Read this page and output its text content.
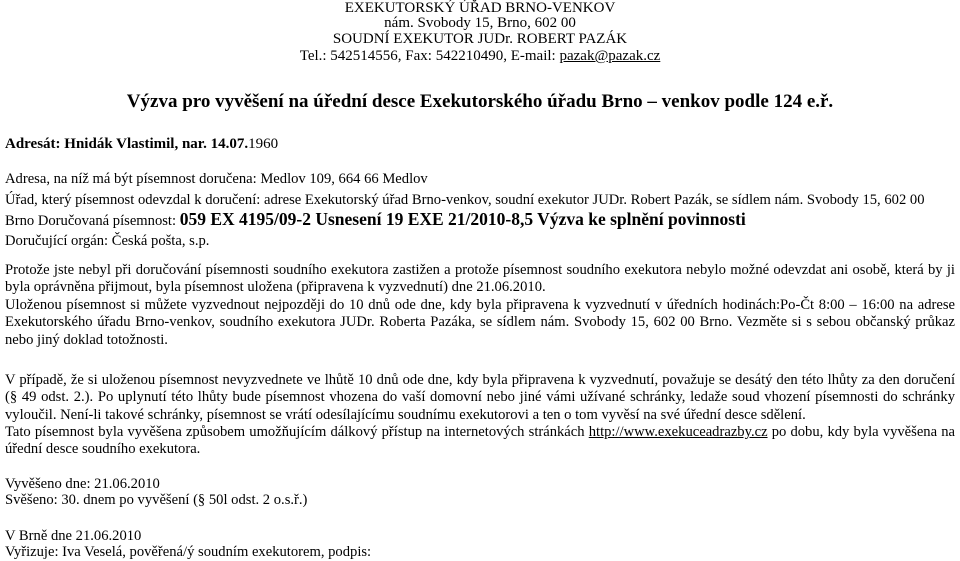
EXEKUTORSKÝ ÚŘAD BRNO-VENKOV
nám. Svobody 15, Brno, 602 00
SOUDNÍ EXEKUTOR JUDr. ROBERT PAZÁK
Tel.: 542514556, Fax: 542210490, E-mail: pazak@pazak.cz
Výzva pro vyvěšení na úřední desce Exekutorského úřadu Brno – venkov podle 124 e.ř.
Adresát: Hnidák Vlastimil, nar. 14.07.1960
Adresa, na níž má být písemnost doručena: Medlov 109, 664 66 Medlov
Úřad, který písemnost odevzdal k doručení: adrese Exekutorský úřad Brno-venkov, soudní exekutor JUDr. Robert Pazák, se sídlem nám. Svobody 15, 602 00
Brno Doručovaná písemnost: 059 EX 4195/09-2 Usnesení 19 EXE 21/2010-8,5 Výzva ke splnění povinnosti
Doručující orgán: Česká pošta, s.p.
Protože jste nebyl při doručování písemnosti soudního exekutora zastižen a protože písemnost soudního exekutora nebylo možné odevzdat ani osobě, která by ji byla oprávněna přijmout, byla písemnost uložena (připravena k vyzvednutí) dne 21.06.2010.
Uloženou písemnost si můžete vyzvednout nejpozději do 10 dnů ode dne, kdy byla připravena k vyzvednutí v úředních hodinách:Po-Čt 8:00 – 16:00 na adrese Exekutorského úřadu Brno-venkov, soudního exekutora JUDr. Roberta Pazáka, se sídlem nám. Svobody 15, 602 00 Brno. Vezměte si s sebou občanský průkaz nebo jiný doklad totožnosti.
V případě, že si uloženou písemnost nevyzvednete ve lhůtě 10 dnů ode dne, kdy byla připravena k vyzvednutí, považuje se desátý den této lhůty za den doručení (§ 49 odst. 2.). Po uplynutí této lhůty bude písemnost vhozena do vaší domovní nebo jiné vámi užívané schránky, ledaže soud vhození písemnosti do schránky vyloučil. Není-li takové schránky, písemnost se vrátí odesílajícímu soudnímu exekutorovi a ten o tom vyvěsí na své úřední desce sdělení.
Tato písemnost byla vyvěšena způsobem umožňujícím dálkový přístup na internetových stránkách http://www.exekuceadrazby.cz po dobu, kdy byla vyvěšena na úřední desce soudního exekutora.
Vyvěšeno dne: 21.06.2010
Svěšeno: 30. dnem po vyvěšení (§ 50l odst. 2 o.s.ř.)
V Brně dne 21.06.2010
Vyřizuje: Iva Veselá, pověřená/ý soudním exekutorem, podpis:
